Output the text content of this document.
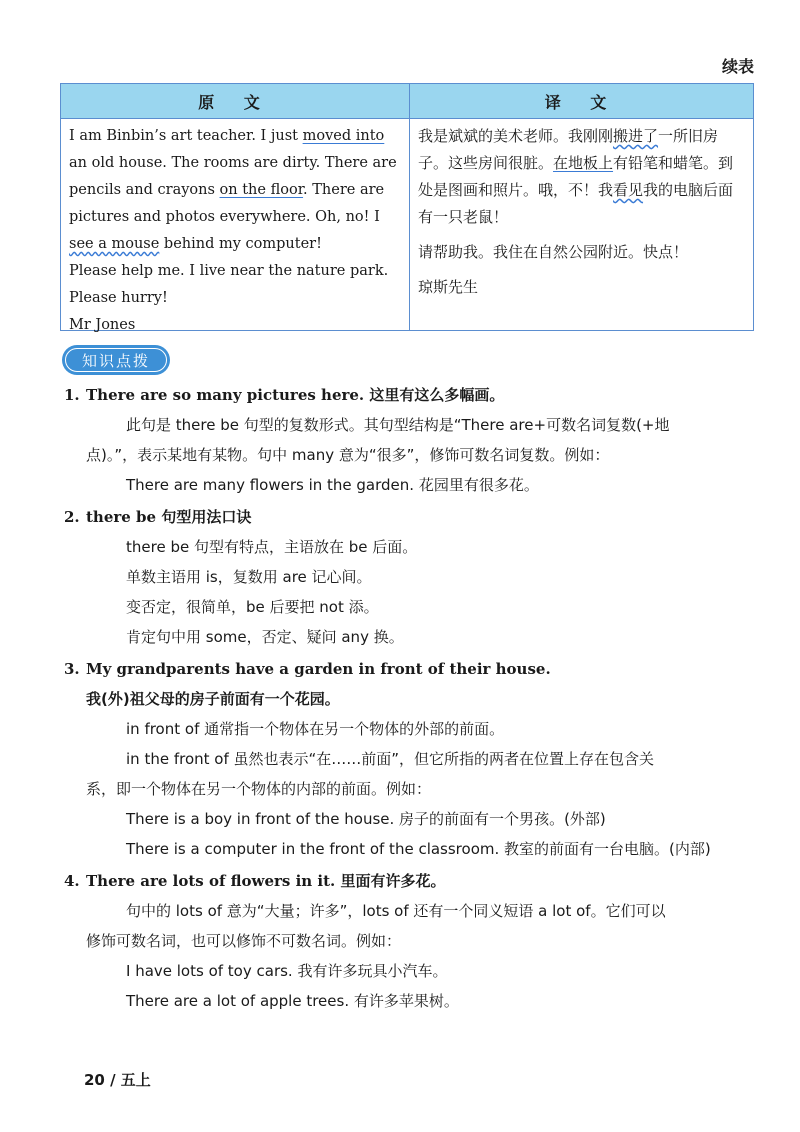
续表
原 文	译 文

I am Binbin’s art teacher. I just moved into an old house. The rooms are dirty. There are pencils and crayons on the floor. There are pictures and photos everywhere. Oh, no! I see a mouse behind my computer!

Please help me. I live near the nature park. Please hurry!

Mr Jones

我是斌斌的美术老师。我刚刚搬进了一所旧房子。这些房间很脏。在地板上有铅笔和蜡笔。到处是图画和照片。哦，不！我看见我的电脑后面有一只老鼠！

请帮助我。我住在自然公园附近。快点！

琼斯先生

知识点拨

1. There are so many pictures here. 这里有这么多幅画。

此句是 there be 句型的复数形式。其句型结构是“There are+可数名词复数(+地

点)。”，表示某地有某物。句中 many 意为“很多”，修饰可数名词复数。例如：

There are many flowers in the garden. 花园里有很多花。

2. there be 句型用法口诀

there be 句型有特点，主语放在 be 后面。

单数主语用 is，复数用 are 记心间。

变否定，很简单，be 后要把 not 添。

肯定句中用 some，否定、疑问 any 换。

3. My grandparents have a garden in front of their house.

我(外)祖父母的房子前面有一个花园。

in front of 通常指一个物体在另一个物体的外部的前面。

in the front of 虽然也表示“在……前面”，但它所指的两者在位置上存在包含关

系，即一个物体在另一个物体的内部的前面。例如：

There is a boy in front of the house. 房子的前面有一个男孩。(外部)

There is a computer in the front of the classroom. 教室的前面有一台电脑。(内部)

4. There are lots of flowers in it. 里面有许多花。

句中的 lots of 意为“大量；许多”，lots of 还有一个同义短语 a lot of。它们可以

修饰可数名词，也可以修饰不可数名词。例如：

I have lots of toy cars. 我有许多玩具小汽车。

There are a lot of apple trees. 有许多苹果树。

20 / 五上
